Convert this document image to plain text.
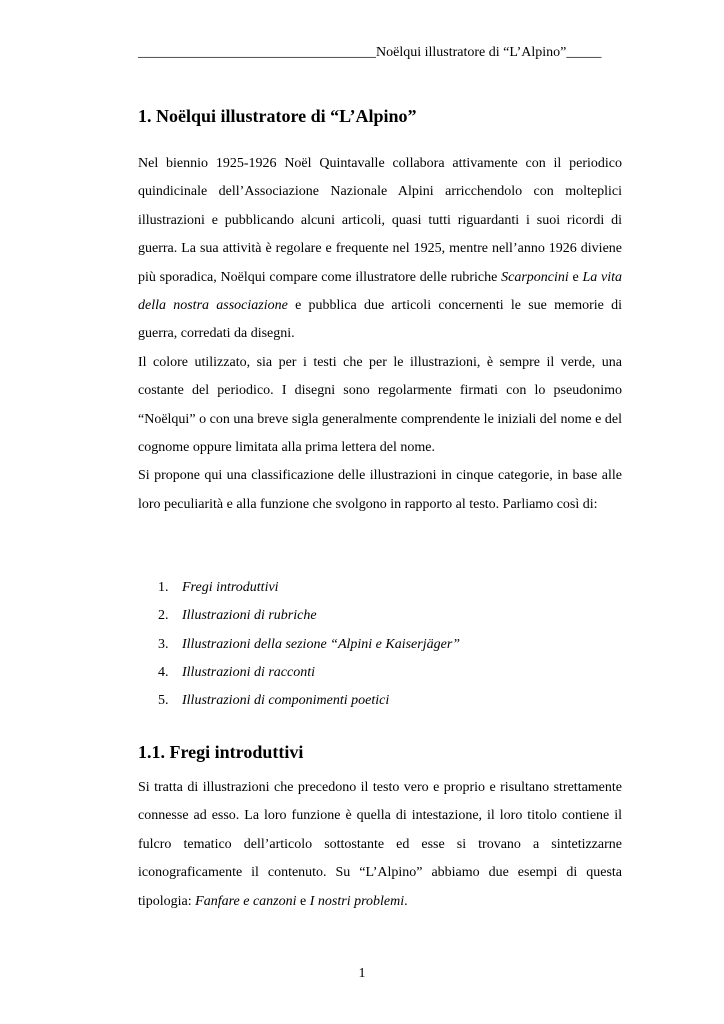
__________________________________Noëlqui illustratore di “L’Alpino”_____
1. Noëlqui illustratore di “L’Alpino”

Nel biennio 1925-1926 Noël Quintavalle collabora attivamente con il periodico quindicinale dell’Associazione Nazionale Alpini arricchendolo con molteplici illustrazioni e pubblicando alcuni articoli, quasi tutti riguardanti i suoi ricordi di guerra. La sua attività è regolare e frequente nel 1925, mentre nell’anno 1926 diviene più sporadica, Noëlqui compare come illustratore delle rubriche Scarponcini e La vita della nostra associazione e pubblica due articoli concernenti le sue memorie di guerra, corredati da disegni.

Il colore utilizzato, sia per i testi che per le illustrazioni, è sempre il verde, una costante del periodico. I disegni sono regolarmente firmati con lo pseudonimo “Noëlqui” o con una breve sigla generalmente comprendente le iniziali del nome e del cognome oppure limitata alla prima lettera del nome.

Si propone qui una classificazione delle illustrazioni in cinque categorie, in base alle loro peculiarità e alla funzione che svolgono in rapporto al testo. Parliamo così di:

1. Fregi introduttivi
2. Illustrazioni di rubriche
3. Illustrazioni della sezione “Alpini e Kaiserjäger”
4. Illustrazioni di racconti
5. Illustrazioni di componimenti poetici
1.1. Fregi introduttivi

Si tratta di illustrazioni che precedono il testo vero e proprio e risultano strettamente connesse ad esso. La loro funzione è quella di intestazione, il loro titolo contiene il fulcro tematico dell’articolo sottostante ed esse si trovano a sintetizzarne iconograficamente il contenuto. Su “L’Alpino” abbiamo due esempi di questa tipologia: Fanfare e canzoni e I nostri problemi.

1
